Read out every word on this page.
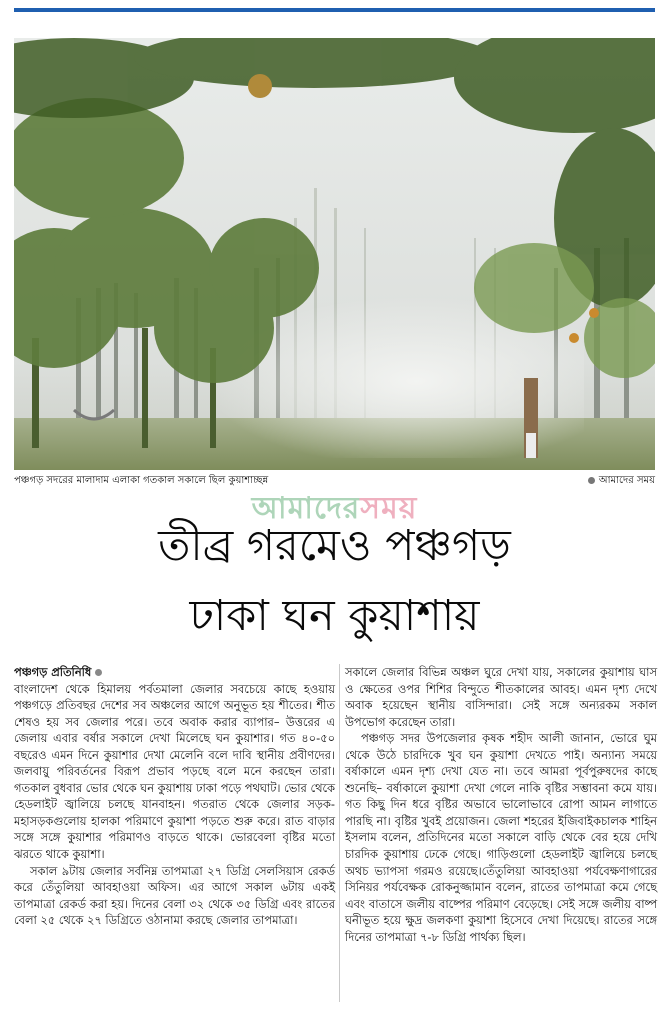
পঞ্চগড় সদরের মালাদাম এলাকা গতকাল সকালে ছিল কুয়াশাচ্ছন্ন	আমাদের সময়
আমাদেরসময়
তীব্র গরমেও পঞ্চগড়
ঢাকা ঘন কুয়াশায়
পঞ্চগড় প্রতিনিধি

বাংলাদেশ থেকে হিমালয় পর্বতমালা জেলার সবচেয়ে কাছে হওয়ায় পঞ্চগড়ে প্রতিবছর দেশের সব অঞ্চলের আগে অনুভূত হয় শীতের। শীত শেষও হয় সব জেলার পরে। তবে অবাক করার ব্যাপার– উত্তরের এ জেলায় এবার বর্ষার সকালে দেখা মিলেছে ঘন কুয়াশার। গত ৪০-৫০ বছরেও এমন দিনে কুয়াশার দেখা মেলেনি বলে দাবি স্থানীয় প্রবীণদের। জলবায়ু পরিবর্তনের বিরূপ প্রভাব পড়ছে বলে মনে করছেন তারা। গতকাল বুধবার ভোর থেকে ঘন কুয়াশায় ঢাকা পড়ে পথঘাট। ভোর থেকে হেডলাইট জ্বালিয়ে চলছে যানবাহন। গতরাত থেকে জেলার সড়ক-মহাসড়কগুলোয় হালকা পরিমাণে কুয়াশা পড়তে শুরু করে। রাত বাড়ার সঙ্গে সঙ্গে কুয়াশার পরিমাণও বাড়তে থাকে। ভোরবেলা বৃষ্টির মতো ঝরতে থাকে কুয়াশা।

সকাল ৯টায় জেলার সর্বনিম্ন তাপমাত্রা ২৭ ডিগ্রি সেলসিয়াস রেকর্ড করে তেঁতুলিয়া আবহাওয়া অফিস। এর আগে সকাল ৬টায় একই তাপমাত্রা রেকর্ড করা হয়। দিনের বেলা ৩২ থেকে ৩৫ ডিগ্রি এবং রাতের বেলা ২৫ থেকে ২৭ ডিগ্রিতে ওঠানামা করছে জেলার তাপমাত্রা।

সকালে জেলার বিভিন্ন অঞ্চল ঘুরে দেখা যায়, সকালের কুয়াশায় ঘাস ও ক্ষেতের ওপর শিশির বিন্দুতে শীতকালের আবহ। এমন দৃশ্য দেখে অবাক হয়েছেন স্থানীয় বাসিন্দারা। সেই সঙ্গে অন্যরকম সকাল উপভোগ করেছেন তারা।

পঞ্চগড় সদর উপজেলার কৃষক শহীদ আলী জানান, ভোরে ঘুম থেকে উঠে চারদিকে খুব ঘন কুয়াশা দেখতে পাই। অন্যান্য সময়ে বর্ষাকালে এমন দৃশ্য দেখা যেত না। তবে আমরা পূর্বপুরুষদের কাছে শুনেছি– বর্ষাকালে কুয়াশা দেখা গেলে নাকি বৃষ্টির সম্ভাবনা কমে যায়। গত কিছু দিন ধরে বৃষ্টির অভাবে ভালোভাবে রোপা আমন লাগাতে পারছি না। বৃষ্টির খুবই প্রয়োজন। জেলা শহরের ইজিবাইকচালক শাহিন ইসলাম বলেন, প্রতিদিনের মতো সকালে বাড়ি থেকে বের হয়ে দেখি চারদিক কুয়াশায় ঢেকে গেছে। গাড়িগুলো হেডলাইট জ্বালিয়ে চলছে অথচ ভ্যাপসা গরমও রয়েছে।তেঁতুলিয়া আবহাওয়া পর্যবেক্ষণাগারের সিনিয়র পর্যবেক্ষক রোকনুজ্জামান বলেন, রাতের তাপমাত্রা কমে গেছে এবং বাতাসে জলীয় বাষ্পের পরিমাণ বেড়েছে। সেই সঙ্গে জলীয় বাষ্প ঘনীভূত হয়ে ক্ষুদ্র জলকণা কুয়াশা হিসেবে দেখা দিয়েছে। রাতের সঙ্গে দিনের তাপমাত্রা ৭-৮ ডিগ্রি পার্থক্য ছিল।
